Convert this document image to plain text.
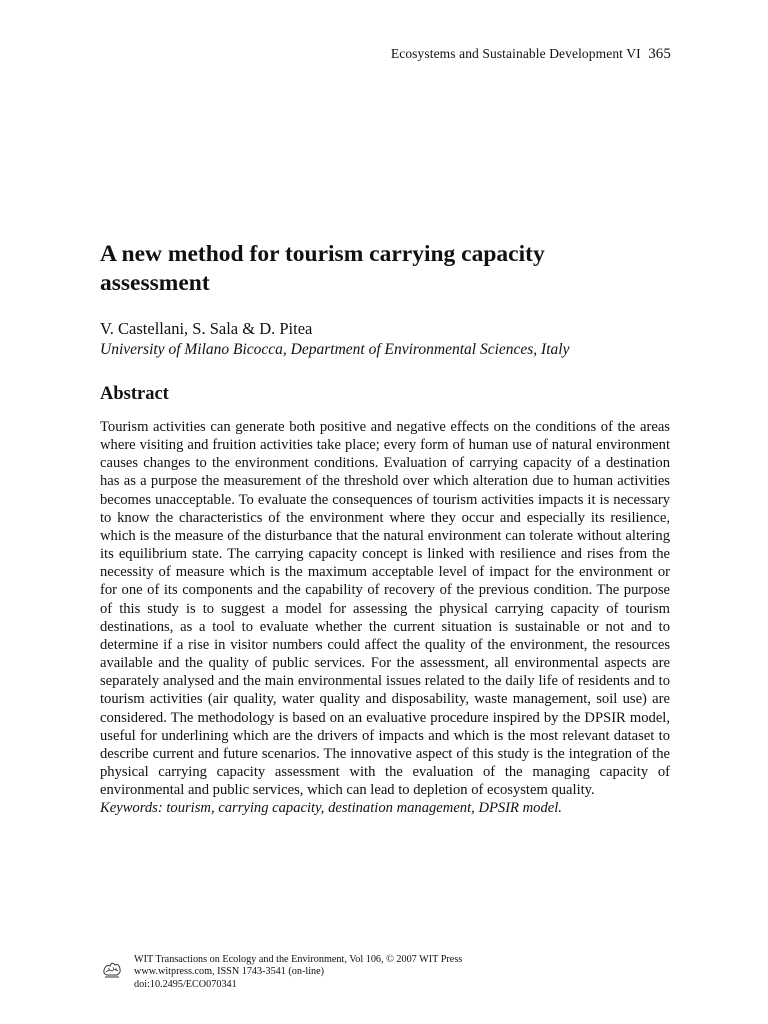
Ecosystems and Sustainable Development VI 365
A new method for tourism carrying capacity assessment
V. Castellani, S. Sala & D. Pitea
University of Milano Bicocca, Department of Environmental Sciences, Italy
Abstract
Tourism activities can generate both positive and negative effects on the conditions of the areas where visiting and fruition activities take place; every form of human use of natural environment causes changes to the environment conditions. Evaluation of carrying capacity of a destination has as a purpose the measurement of the threshold over which alteration due to human activities becomes unacceptable. To evaluate the consequences of tourism activities impacts it is necessary to know the characteristics of the environment where they occur and especially its resilience, which is the measure of the disturbance that the natural environment can tolerate without altering its equilibrium state. The carrying capacity concept is linked with resilience and rises from the necessity of measure which is the maximum acceptable level of impact for the environment or for one of its components and the capability of recovery of the previous condition. The purpose of this study is to suggest a model for assessing the physical carrying capacity of tourism destinations, as a tool to evaluate whether the current situation is sustainable or not and to determine if a rise in visitor numbers could affect the quality of the environment, the resources available and the quality of public services. For the assessment, all environmental aspects are separately analysed and the main environmental issues related to the daily life of residents and to tourism activities (air quality, water quality and disposability, waste management, soil use) are considered. The methodology is based on an evaluative procedure inspired by the DPSIR model, useful for underlining which are the drivers of impacts and which is the most relevant dataset to describe current and future scenarios. The innovative aspect of this study is the integration of the physical carrying capacity assessment with the evaluation of the managing capacity of environmental and public services, which can lead to depletion of ecosystem quality.
Keywords: tourism, carrying capacity, destination management, DPSIR model.
WIT Transactions on Ecology and the Environment, Vol 106, © 2007 WIT Press
www.witpress.com, ISSN 1743-3541 (on-line)
doi:10.2495/ECO070341
